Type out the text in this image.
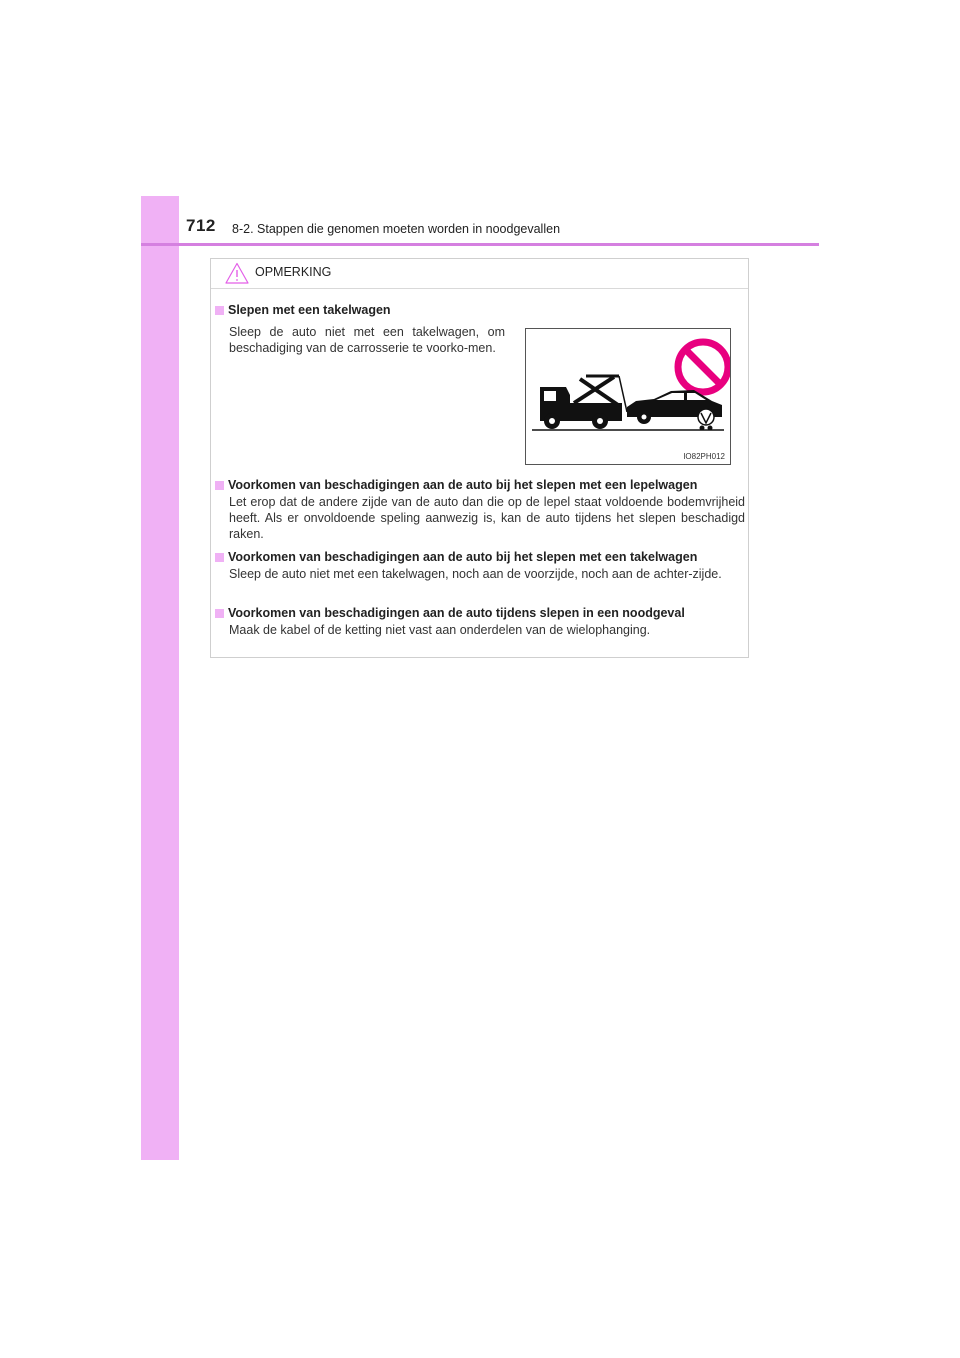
712 8-2. Stappen die genomen moeten worden in noodgevallen
OPMERKING
Slepen met een takelwagen
Sleep de auto niet met een takelwagen, om beschadiging van de carrosserie te voorko-men.
IO82PH012
Voorkomen van beschadigingen aan de auto bij het slepen met een lepelwagen
Let erop dat de andere zijde van de auto dan die op de lepel staat voldoende bodemvrijheid heeft. Als er onvoldoende speling aanwezig is, kan de auto tijdens het slepen beschadigd raken.
Voorkomen van beschadigingen aan de auto bij het slepen met een takelwagen
Sleep de auto niet met een takelwagen, noch aan de voorzijde, noch aan de achter-zijde.
Voorkomen van beschadigingen aan de auto tijdens slepen in een noodgeval
Maak de kabel of de ketting niet vast aan onderdelen van de wielophanging.
